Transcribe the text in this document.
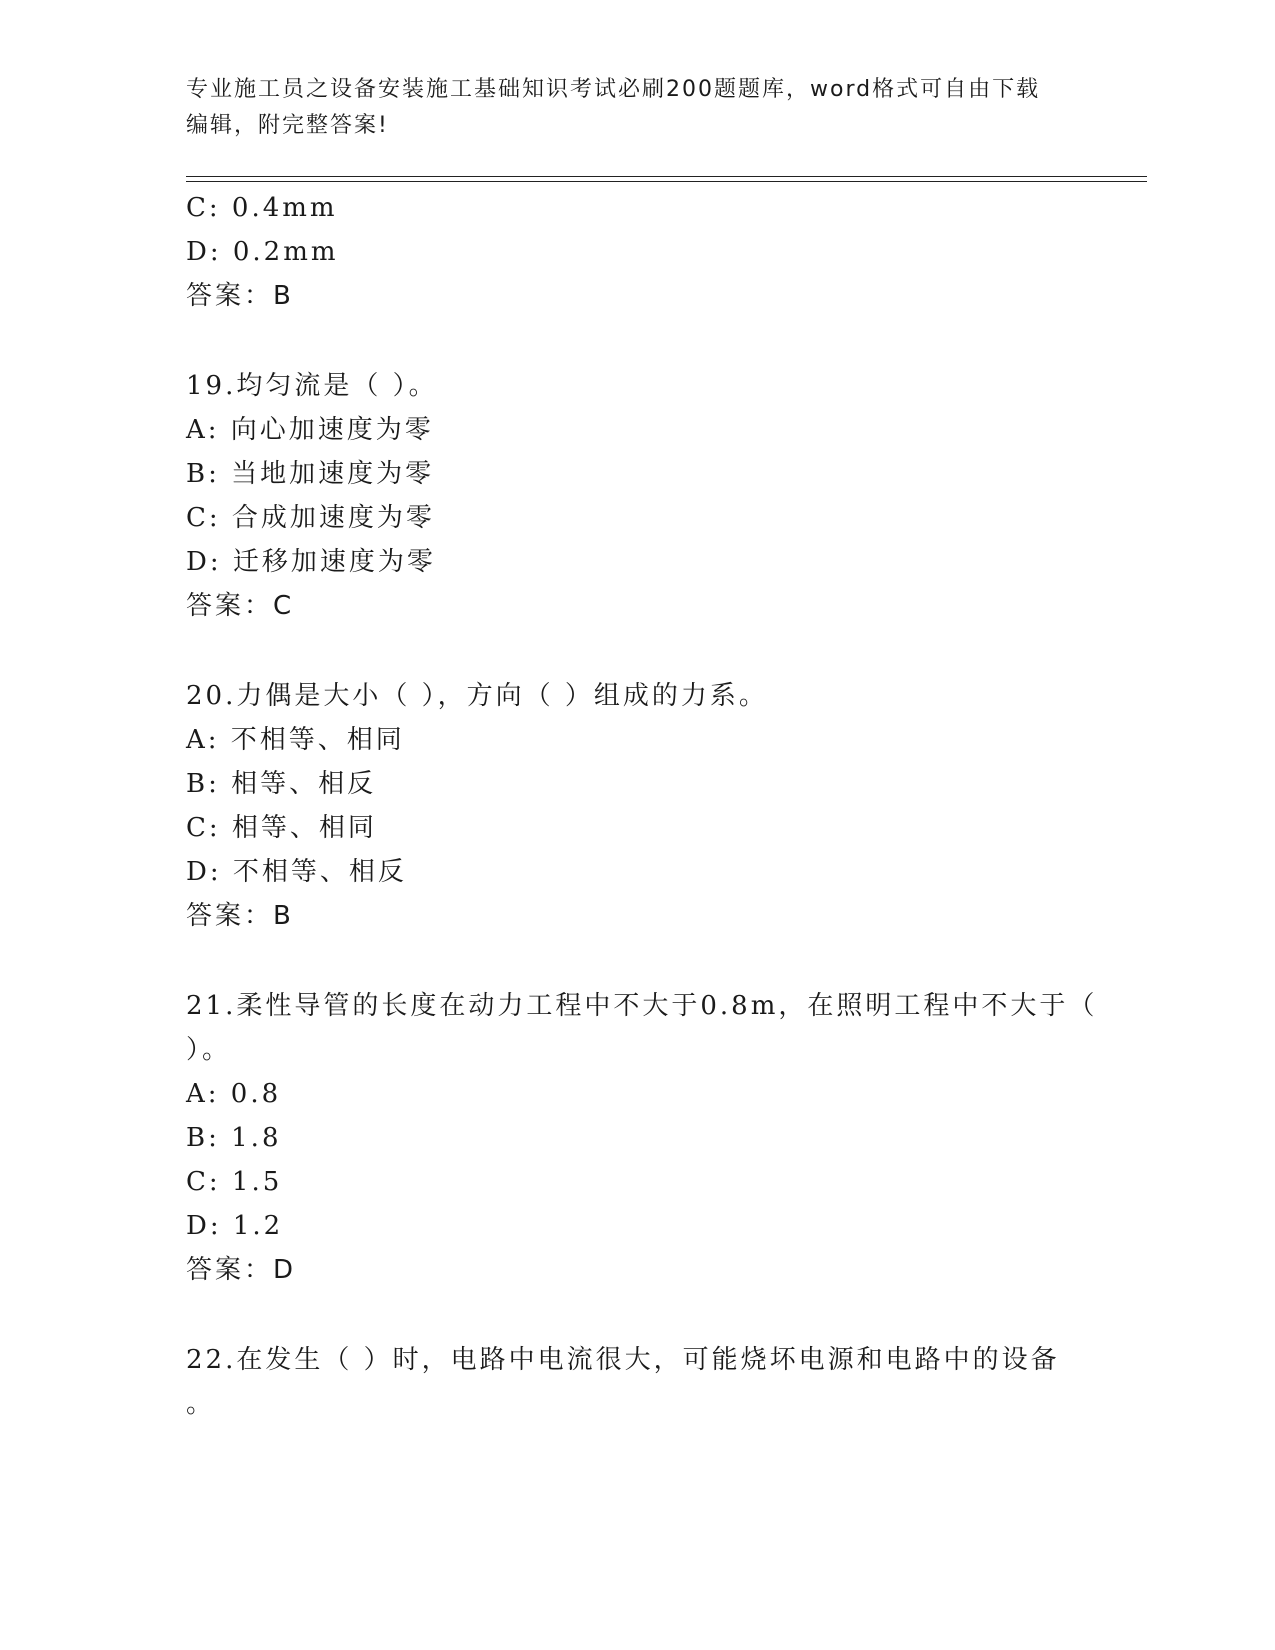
专业施工员之设备安装施工基础知识考试必刷200题题库，word格式可自由下载
编辑，附完整答案!
C: 0.4mm
D: 0.2mm
答案：B
19.均匀流是（ ）。
A: 向心加速度为零
B: 当地加速度为零
C: 合成加速度为零
D: 迁移加速度为零
答案：C
20.力偶是大小（ ），方向（ ）组成的力系。
A: 不相等、相同
B: 相等、相反
C: 相等、相同
D: 不相等、相反
答案：B
21.柔性导管的长度在动力工程中不大于0.8m，在照明工程中不大于（
）。
A: 0.8
B: 1.8
C: 1.5
D: 1.2
答案：D
22.在发生（ ）时，电路中电流很大，可能烧坏电源和电路中的设备
。
